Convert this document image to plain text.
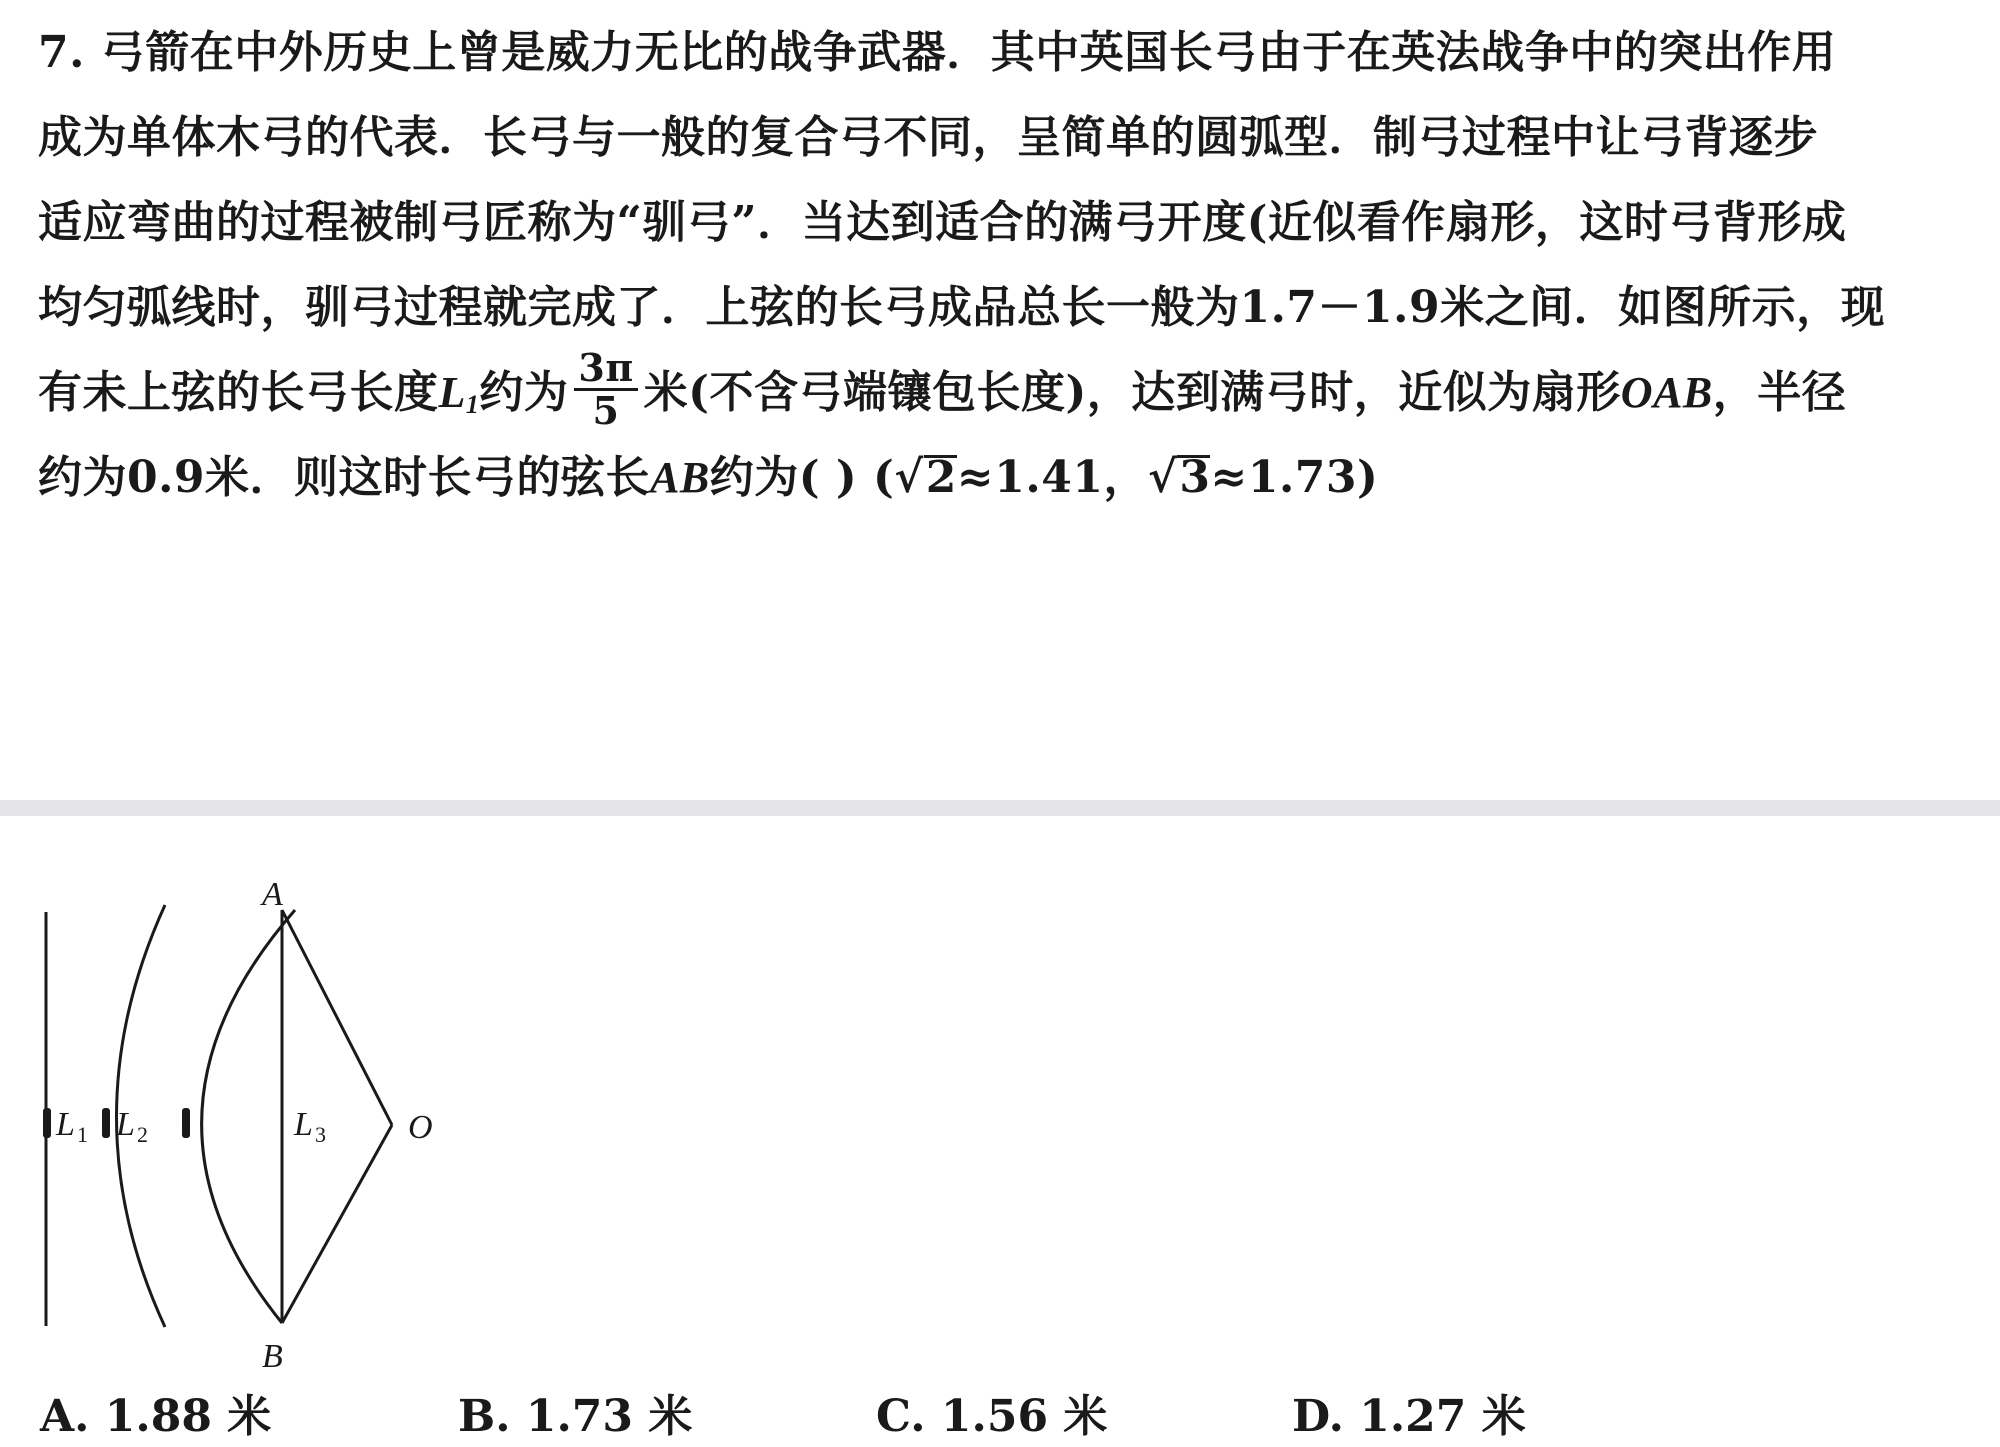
7. 弓箭在中外历史上曾是威力无比的战争武器．其中英国长弓由于在英法战争中的突出作用
成为单体木弓的代表．长弓与一般的复合弓不同，呈简单的圆弧型．制弓过程中让弓背逐步
适应弯曲的过程被制弓匠称为“驯弓”．当达到适合的满弓开度(近似看作扇形，这时弓背形成
均匀弧线时，驯弓过程就完成了．上弦的长弓成品总长一般为1.7－1.9米之间．如图所示，现
有未上弦的长弓长度$L_1$约为 $\frac{3\pi}{5}$ 米(不含弓端镶包长度)，达到满弓时，近似为扇形OAB，半径
约为0.9米．则这时长弓的弦长AB约为( ) (√2≈1.41，√3≈1.73)
A
B
O
L 1 L 2	L 3
A. 1.88 米	B. 1.73 米	C. 1.56 米	D. 1.27 米
